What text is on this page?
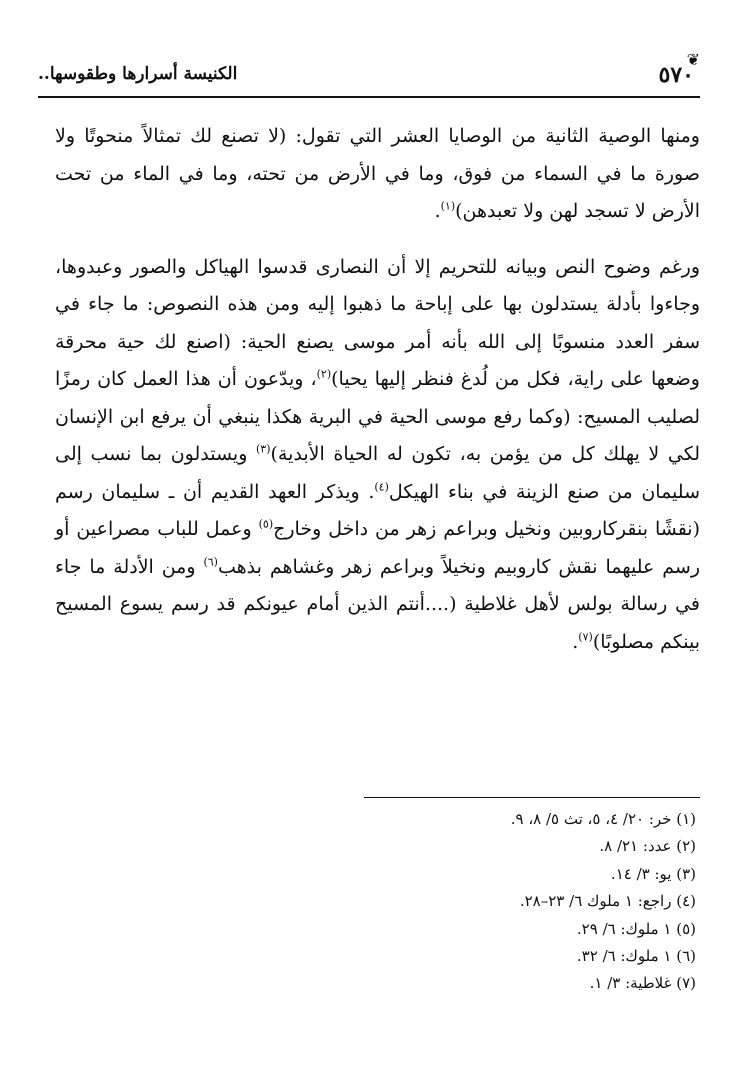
❦
٥٧٠
الكنيسة أسرارها وطقوسها..

ومنها الوصية الثانية من الوصايا العشر التي تقول: (لا تصنع لك تمثالاً منحوتًا ولا صورة ما في السماء من فوق، وما في الأرض من تحته، وما في الماء من تحت الأرض لا تسجد لهن ولا تعبدهن)$^{(١)}$.

ورغم وضوح النص وبيانه للتحريم إلا أن النصارى قدسوا الهياكل والصور وعبدوها، وجاءوا بأدلة يستدلون بها على إباحة ما ذهبوا إليه ومن هذه النصوص: ما جاء في سفر العدد منسوبًا إلى الله بأنه أمر موسى يصنع الحية: (اصنع لك حية محرقة وضعها على راية، فكل من لُدغ فنظر إليها يحيا)$^{(٢)}$، ويدّعون أن هذا العمل كان رمزًا لصليب المسيح: (وكما رفع موسى الحية في البرية هكذا ينبغي أن يرفع ابن الإنسان لكي لا يهلك كل من يؤمن به، تكون له الحياة الأبدية)$^{(٣)}$ ويستدلون بما نسب إلى سليمان من صنع الزينة في بناء الهيكل$^{(٤)}$. ويذكر العهد القديم أن ـ سليمان رسم (نقشًا بنقركاروبين ونخيل وبراعم زهر من داخل وخارج$^{(٥)}$ وعمل للباب مصراعين أو رسم عليهما نقش كاروبيم ونخيلاً وبراعم زهر وغشاهم بذهب$^{(٦)}$ ومن الأدلة ما جاء في رسالة بولس لأهل غلاطية (....أنتم الذين أمام عيونكم قد رسم يسوع المسيح بينكم مصلوبًا)$^{(٧)}$.

(١) خر: ٢٠/ ٤، ٥، تث ٥/ ٨، ٩.
(٢) عدد: ٢١/ ٨.
(٣) يو: ٣/ ١٤.
(٤) راجع: ١ ملوك ٦/ ٢٣–٢٨.
(٥) ١ ملوك: ٦/ ٢٩.
(٦) ١ ملوك: ٦/ ٣٢.
(٧) غلاطية: ٣/ ١.
